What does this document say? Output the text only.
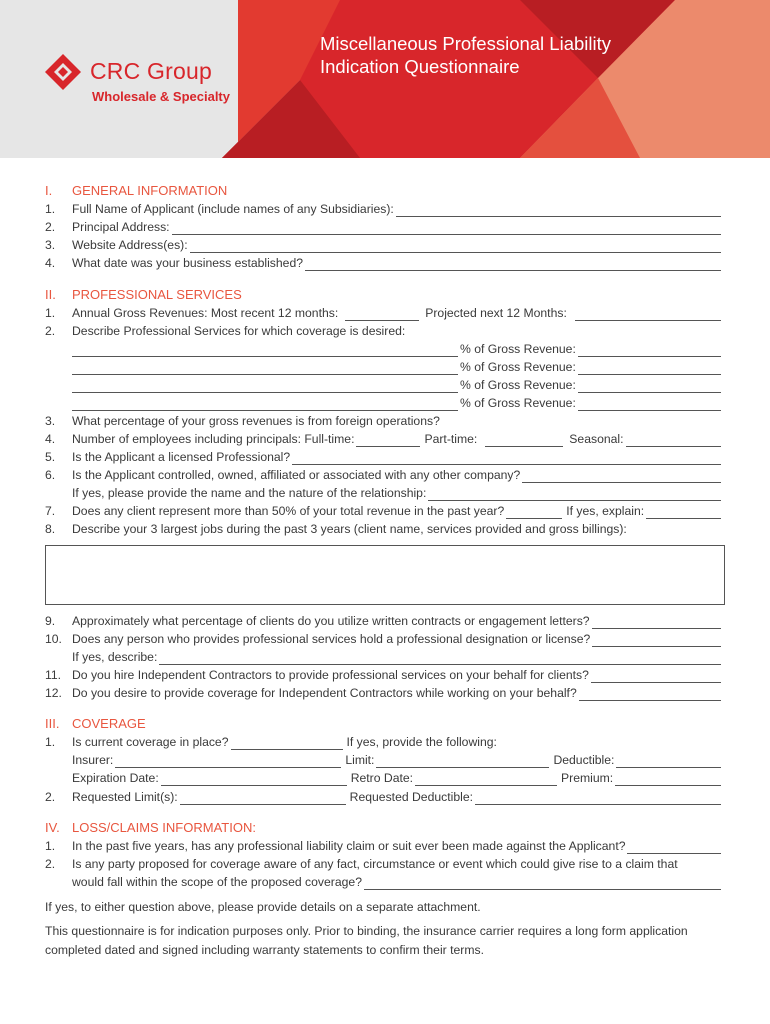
CRC Group
Wholesale & Specialty
Miscellaneous Professional Liability
Indication Questionnaire
I. GENERAL INFORMATION
1. Full Name of Applicant (include names of any Subsidiaries):
2. Principal Address:
3. Website Address(es):
4. What date was your business established?
II. PROFESSIONAL SERVICES
1. Annual Gross Revenues: Most recent 12 months:	Projected next 12 Months:
2. Describe Professional Services for which coverage is desired:
% of Gross Revenue:
% of Gross Revenue:
% of Gross Revenue:
% of Gross Revenue:
3. What percentage of your gross revenues is from foreign operations?
4. Number of employees including principals: Full-time:	Part-time:	Seasonal:
5. Is the Applicant a licensed Professional?
6. Is the Applicant controlled, owned, affiliated or associated with any other company?
If yes, please provide the name and the nature of the relationship:
7. Does any client represent more than 50% of your total revenue in the past year?	If yes, explain:
8. Describe your 3 largest jobs during the past 3 years (client name, services provided and gross billings):
9. Approximately what percentage of clients do you utilize written contracts or engagement letters?
10. Does any person who provides professional services hold a professional designation or license?
If yes, describe:
11. Do you hire Independent Contractors to provide professional services on your behalf for clients?
12. Do you desire to provide coverage for Independent Contractors while working on your behalf?
III. COVERAGE
1. Is current coverage in place?	If yes, provide the following:
Insurer:	Limit:	Deductible:
Expiration Date:	Retro Date:	Premium:
2. Requested Limit(s):	Requested Deductible:
IV. LOSS/CLAIMS INFORMATION:
1. In the past five years, has any professional liability claim or suit ever been made against the Applicant?
2. Is any party proposed for coverage aware of any fact, circumstance or event which could give rise to a claim that
would fall within the scope of the proposed coverage?
If yes, to either question above, please provide details on a separate attachment.
This questionnaire is for indication purposes only. Prior to binding, the insurance carrier requires a long form application
completed dated and signed including warranty statements to confirm their terms.
